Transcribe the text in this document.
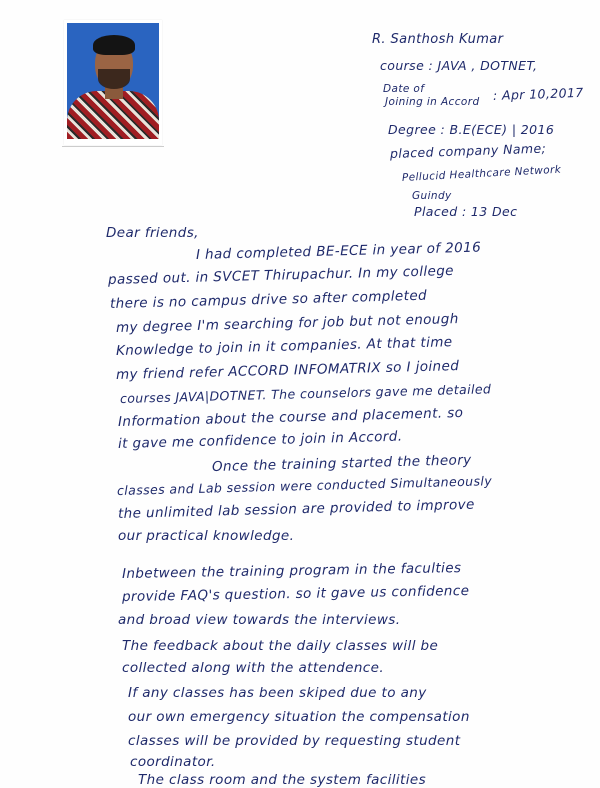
R. Santhosh Kumar
course : JAVA , DOTNET,
Date of
Joining in Accord : Apr 10,2017
Degree : B.E(ECE) | 2016
placed company Name;
Pellucid Healthcare Network
Guindy
Placed : 13 Dec
Dear friends,
I had completed BE-ECE in year of 2016
passed out. in SVCET Thirupachur. In my college
there is no campus drive so after completed
my degree I'm searching for job but not enough
Knowledge to join in it companies. At that time
my friend refer ACCORD INFOMATRIX so I joined
courses JAVA|DOTNET. The counselors gave me detailed
Information about the course and placement. so
it gave me confidence to join in Accord.
Once the training started the theory
classes and Lab session were conducted Simultaneously
the unlimited lab session are provided to improve
our practical knowledge.
Inbetween the training program in the faculties
provide FAQ's question. so it gave us confidence
and broad view towards the interviews.
The feedback about the daily classes will be
collected along with the attendence.
If any classes has been skiped due to any
our own emergency situation the compensation
classes will be provided by requesting student
coordinator.
The class room and the system facilities
